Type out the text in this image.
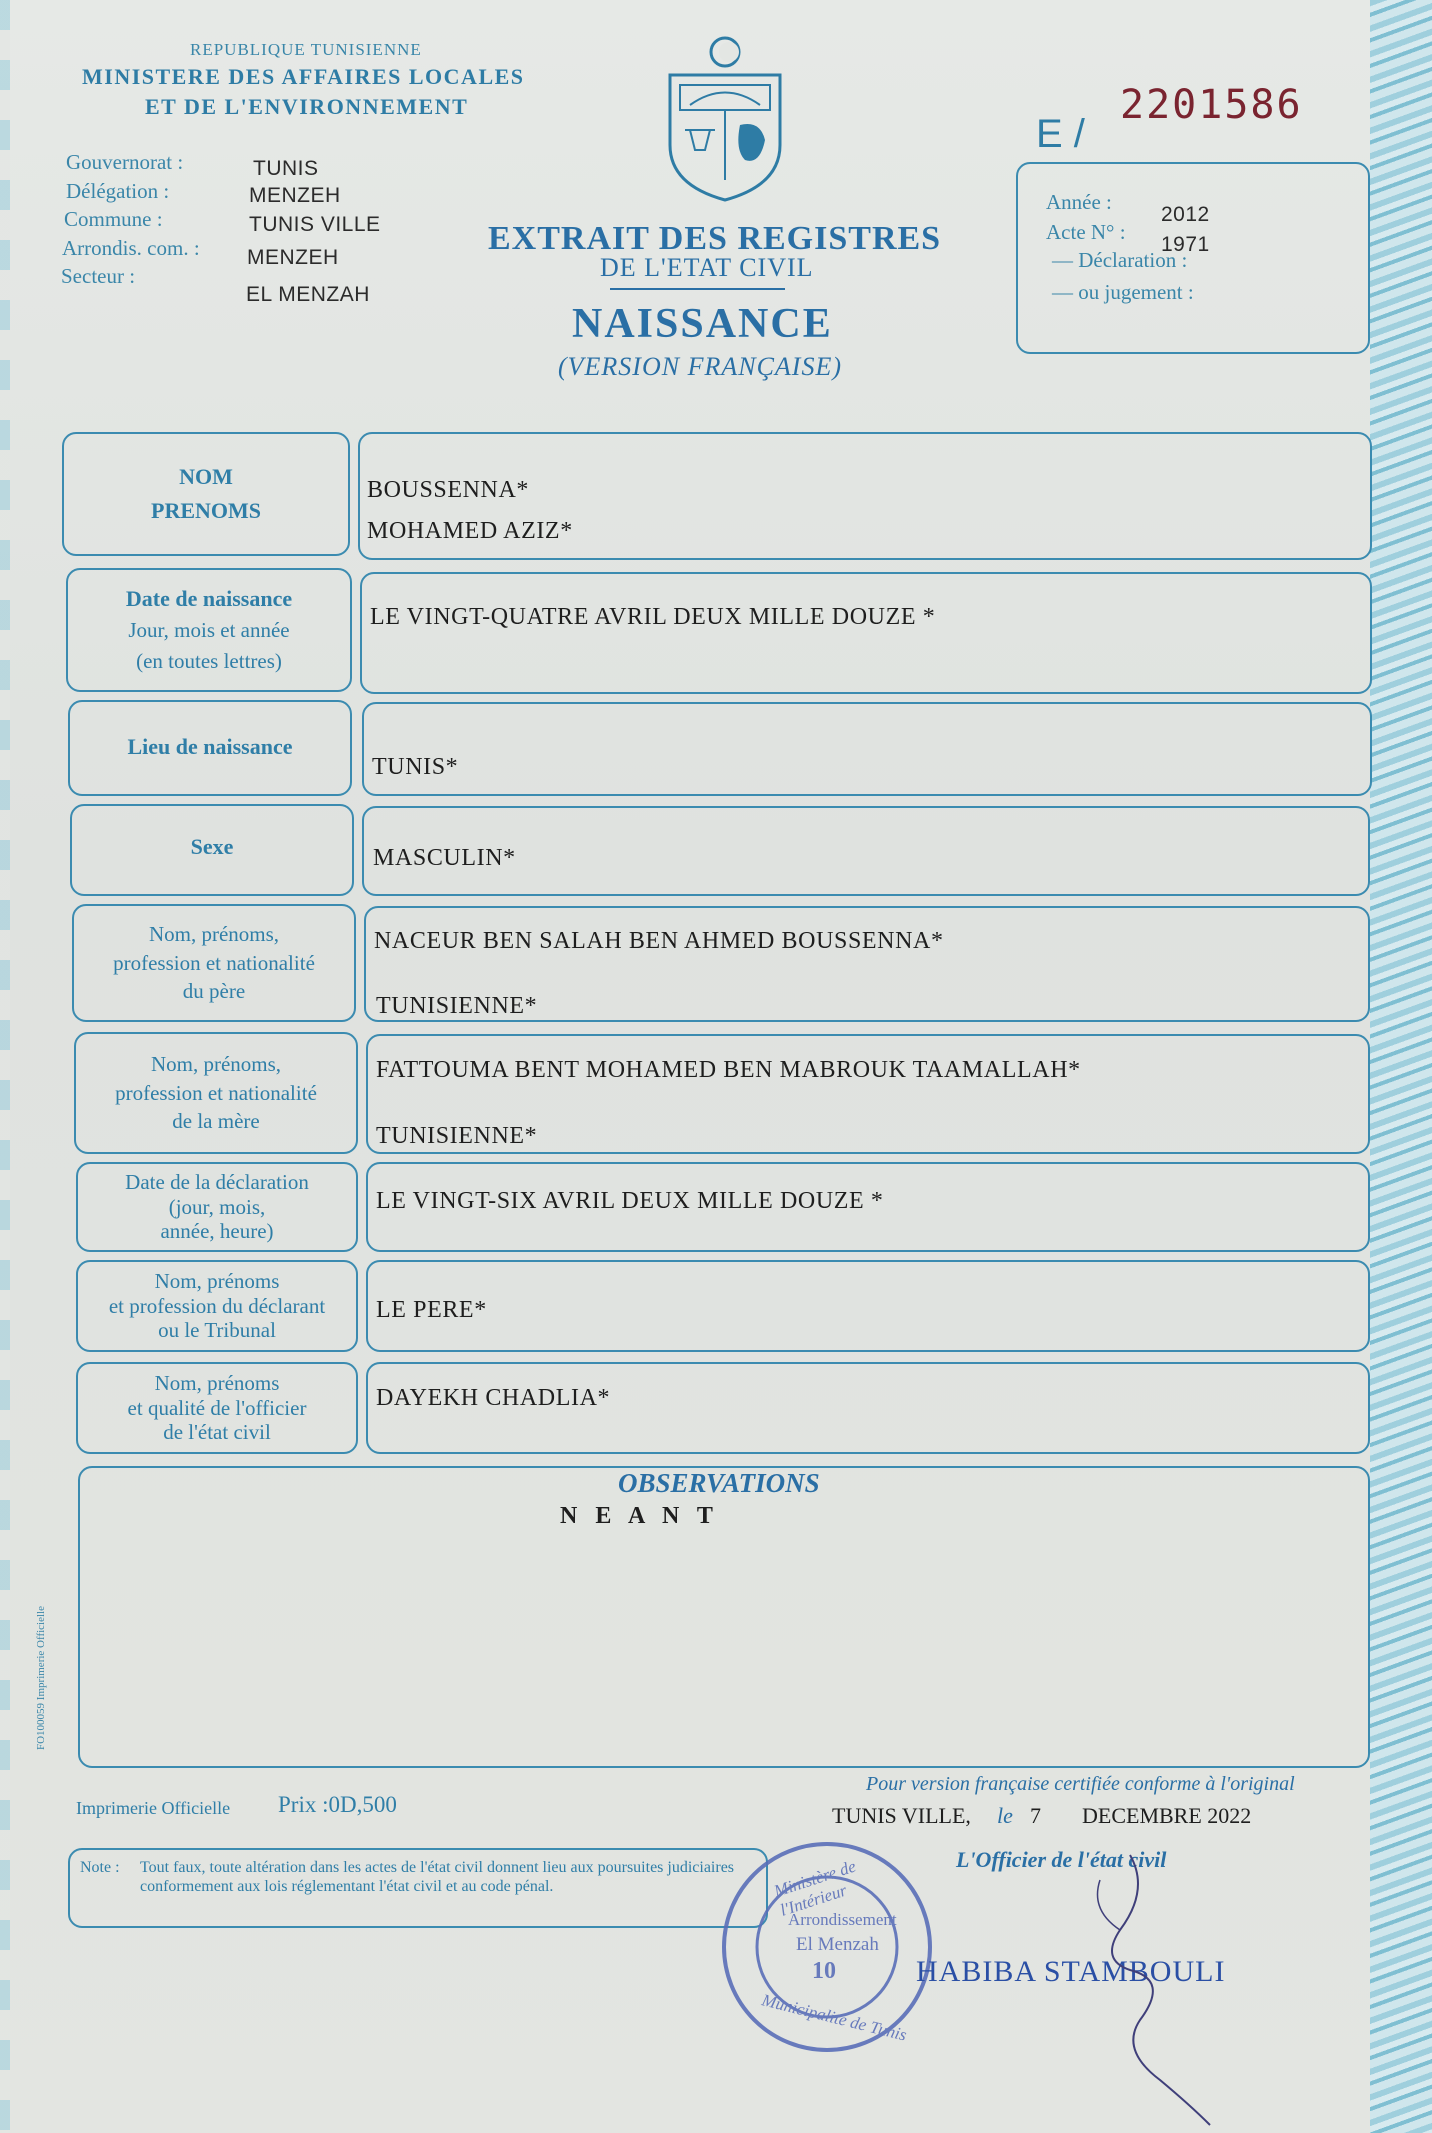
REPUBLIQUE TUNISIENNE
MINISTERE DES AFFAIRES LOCALES
ET DE L'ENVIRONNEMENT
Gouvernorat :	TUNIS
Délégation :	MENZEH
Commune :	TUNIS VILLE
Arrondis. com. : MENZEH
Secteur :
EL MENZAH
EXTRAIT DES REGISTRES
DE L'ETAT CIVIL
NAISSANCE
(VERSION FRANÇAISE)
E /
2201586
Année :
2012
Acte N° :
1971
— Déclaration :
— ou jugement :
NOM
PRENOMS
BOUSSENNA*
MOHAMED AZIZ*
Date de naissance
Jour, mois et année
(en toutes lettres)
LE VINGT-QUATRE AVRIL DEUX MILLE DOUZE *
Lieu de naissance
TUNIS*
Sexe	MASCULIN*
Nom, prénoms,
profession et nationalité
du père
NACEUR BEN SALAH BEN AHMED BOUSSENNA*
TUNISIENNE*
Nom, prénoms,
profession et nationalité
de la mère
FATTOUMA BENT MOHAMED BEN MABROUK TAAMALLAH*
TUNISIENNE*
Date de la déclaration
(jour, mois,
année, heure)
LE VINGT-SIX AVRIL DEUX MILLE DOUZE *
Nom, prénoms
et profession du déclarant
ou le Tribunal
LE PERE*
Nom, prénoms
et qualité de l'officier
de l'état civil
DAYEKH CHADLIA*
OBSERVATIONS
N E A N T
FO100059 Imprimerie Officielle
Imprimerie Officielle Prix :0D,500
Pour version française certifiée conforme à l'original
TUNIS VILLE, le 7 DECEMBRE 2022
L'Officier de l'état civil
Note : Tout faux, toute altération dans les actes de l'état civil donnent lieu aux poursuites judiciaires conformement aux lois réglementant l'état civil et au code pénal.	Ministère de l'Intérieur
Arrondissement
El Menzah
10
Municipalité de Tunis
HABIBA STAMBOULI
